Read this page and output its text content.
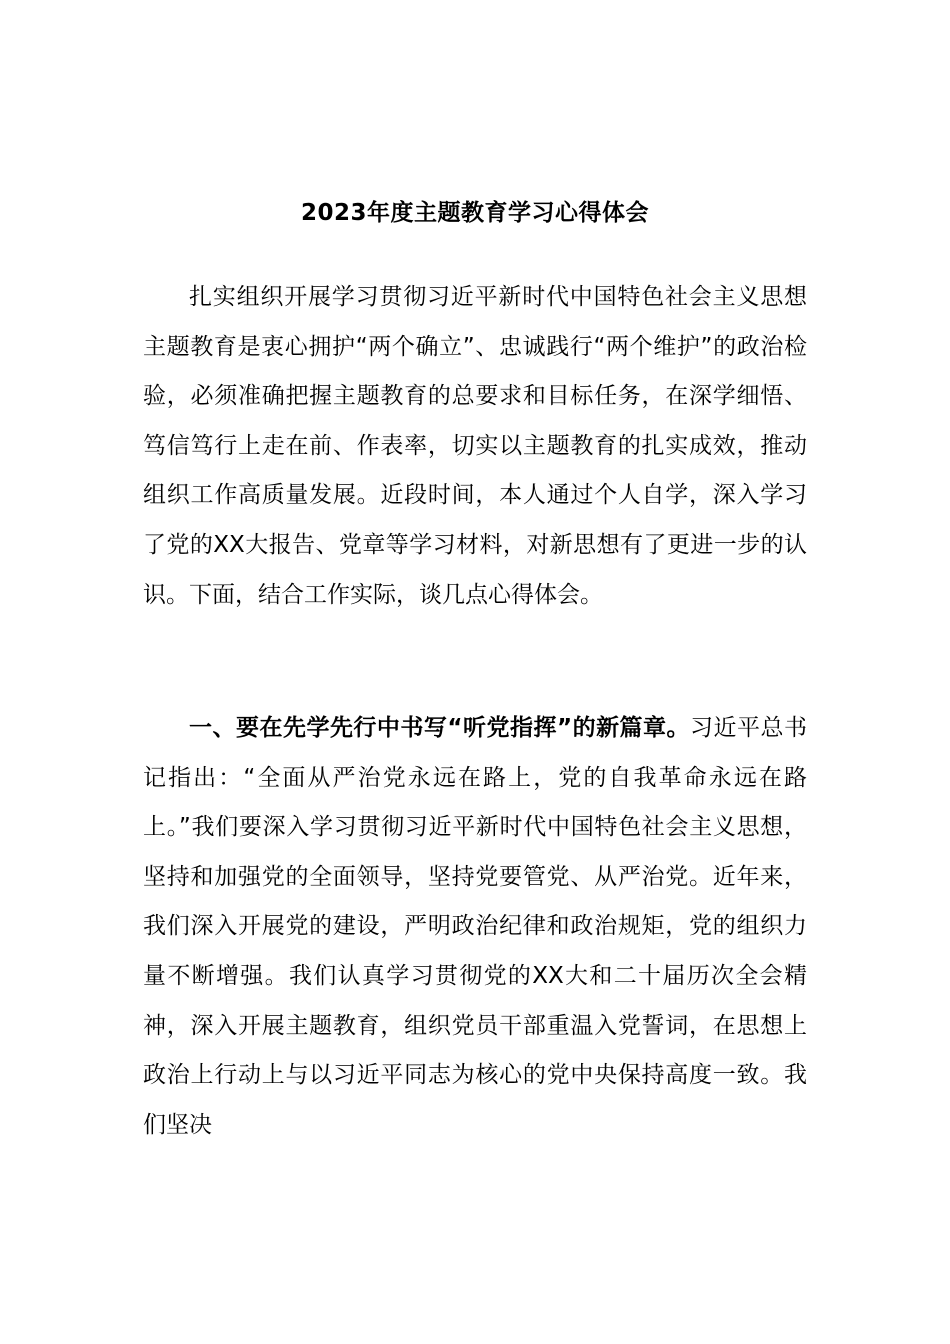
2023年度主题教育学习心得体会

扎实组织开展学习贯彻习近平新时代中国特色社会主义思想主题教育是衷心拥护“两个确立”、忠诚践行“两个维护”的政治检验，必须准确把握主题教育的总要求和目标任务，在深学细悟、笃信笃行上走在前、作表率，切实以主题教育的扎实成效，推动组织工作高质量发展。近段时间，本人通过个人自学，深入学习了党的XX大报告、党章等学习材料，对新思想有了更进一步的认识。下面，结合工作实际，谈几点心得体会。

一、要在先学先行中书写“听党指挥”的新篇章。习近平总书记指出：“全面从严治党永远在路上，党的自我革命永远在路上。”我们要深入学习贯彻习近平新时代中国特色社会主义思想，坚持和加强党的全面领导，坚持党要管党、从严治党。近年来，我们深入开展党的建设，严明政治纪律和政治规矩，党的组织力量不断增强。我们认真学习贯彻党的XX大和二十届历次全会精神，深入开展主题教育，组织党员干部重温入党誓词，在思想上政治上行动上与以习近平同志为核心的党中央保持高度一致。我们坚决
